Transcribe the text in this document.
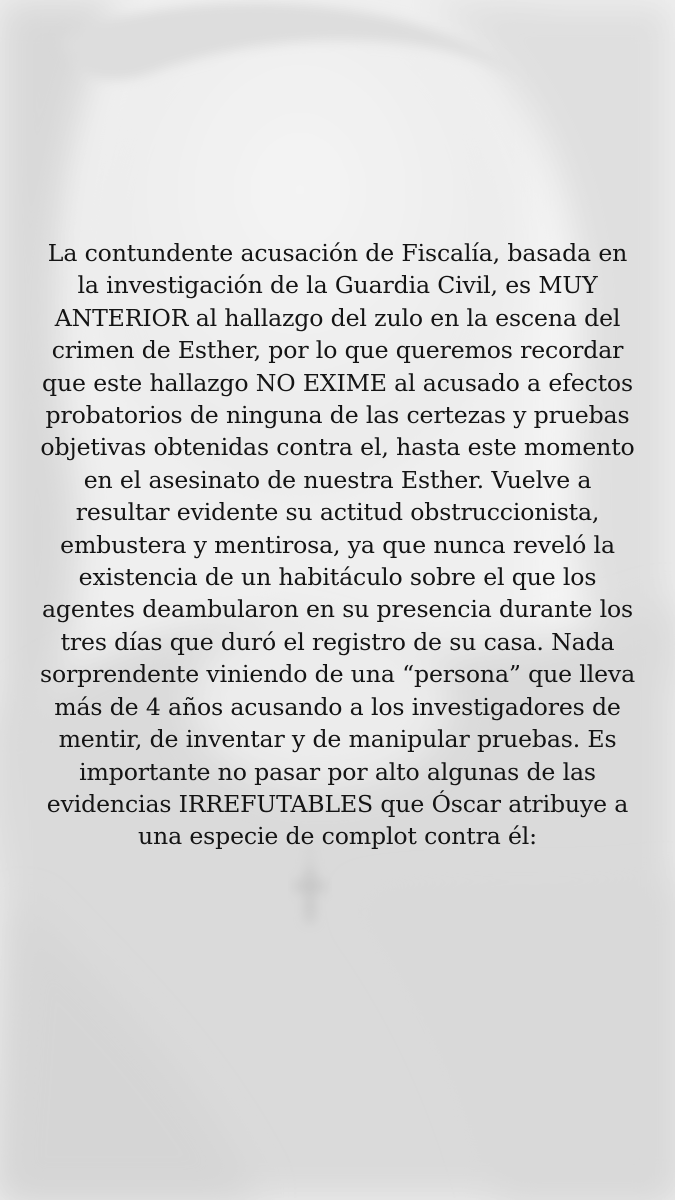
La contundente acusación de Fiscalía, basada en la investigación de la Guardia Civil, es MUY ANTERIOR al hallazgo del zulo en la escena del crimen de Esther, por lo que queremos recordar que este hallazgo NO EXIME al acusado a efectos probatorios de ninguna de las certezas y pruebas objetivas obtenidas contra el, hasta este momento en el asesinato de nuestra Esther. Vuelve a resultar evidente su actitud obstruccionista, embustera y mentirosa, ya que nunca reveló la existencia de un habitáculo sobre el que los agentes deambularon en su presencia durante los tres días que duró el registro de su casa. Nada sorprendente viniendo de una “persona” que lleva más de 4 años acusando a los investigadores de mentir, de inventar y de manipular pruebas. Es importante no pasar por alto algunas de las evidencias IRREFUTABLES que Óscar atribuye a una especie de complot contra él:
